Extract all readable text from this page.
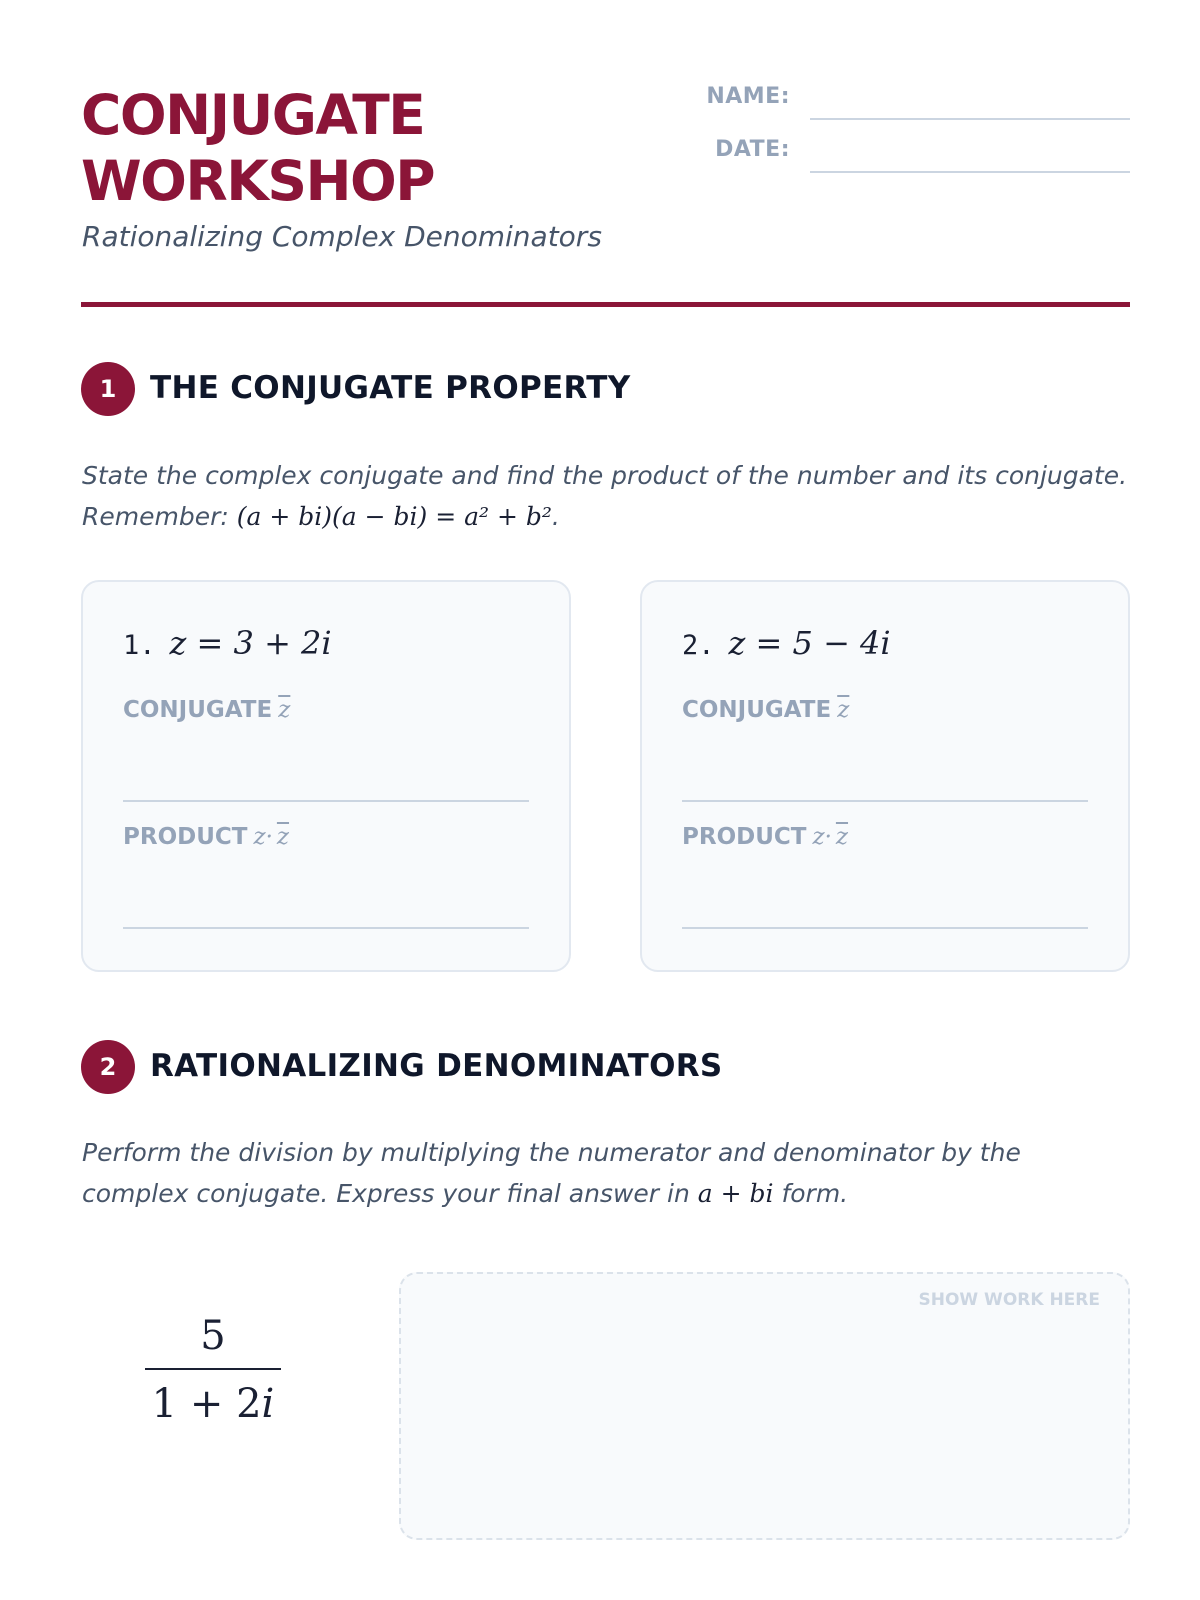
CONJUGATE
WORKSHOP
Rationalizing Complex Denominators
NAME:
DATE:
1	THE CONJUGATE PROPERTY
State the complex conjugate and find the product of the number and its conjugate.
Remember: (a + bi)(a − bi) = a² + b².
1. z = 3 + 2i
CONJUGATE $\overline{z}$
PRODUCT $z\cdot \overline{z}$
2. z = 5 − 4i
CONJUGATE $\overline{z}$
PRODUCT $z\cdot \overline{z}$
2	RATIONALIZING DENOMINATORS
Perform the division by multiplying the numerator and denominator by the
complex conjugate. Express your final answer in a + bi form.
5
1 + 2i
SHOW WORK HERE
